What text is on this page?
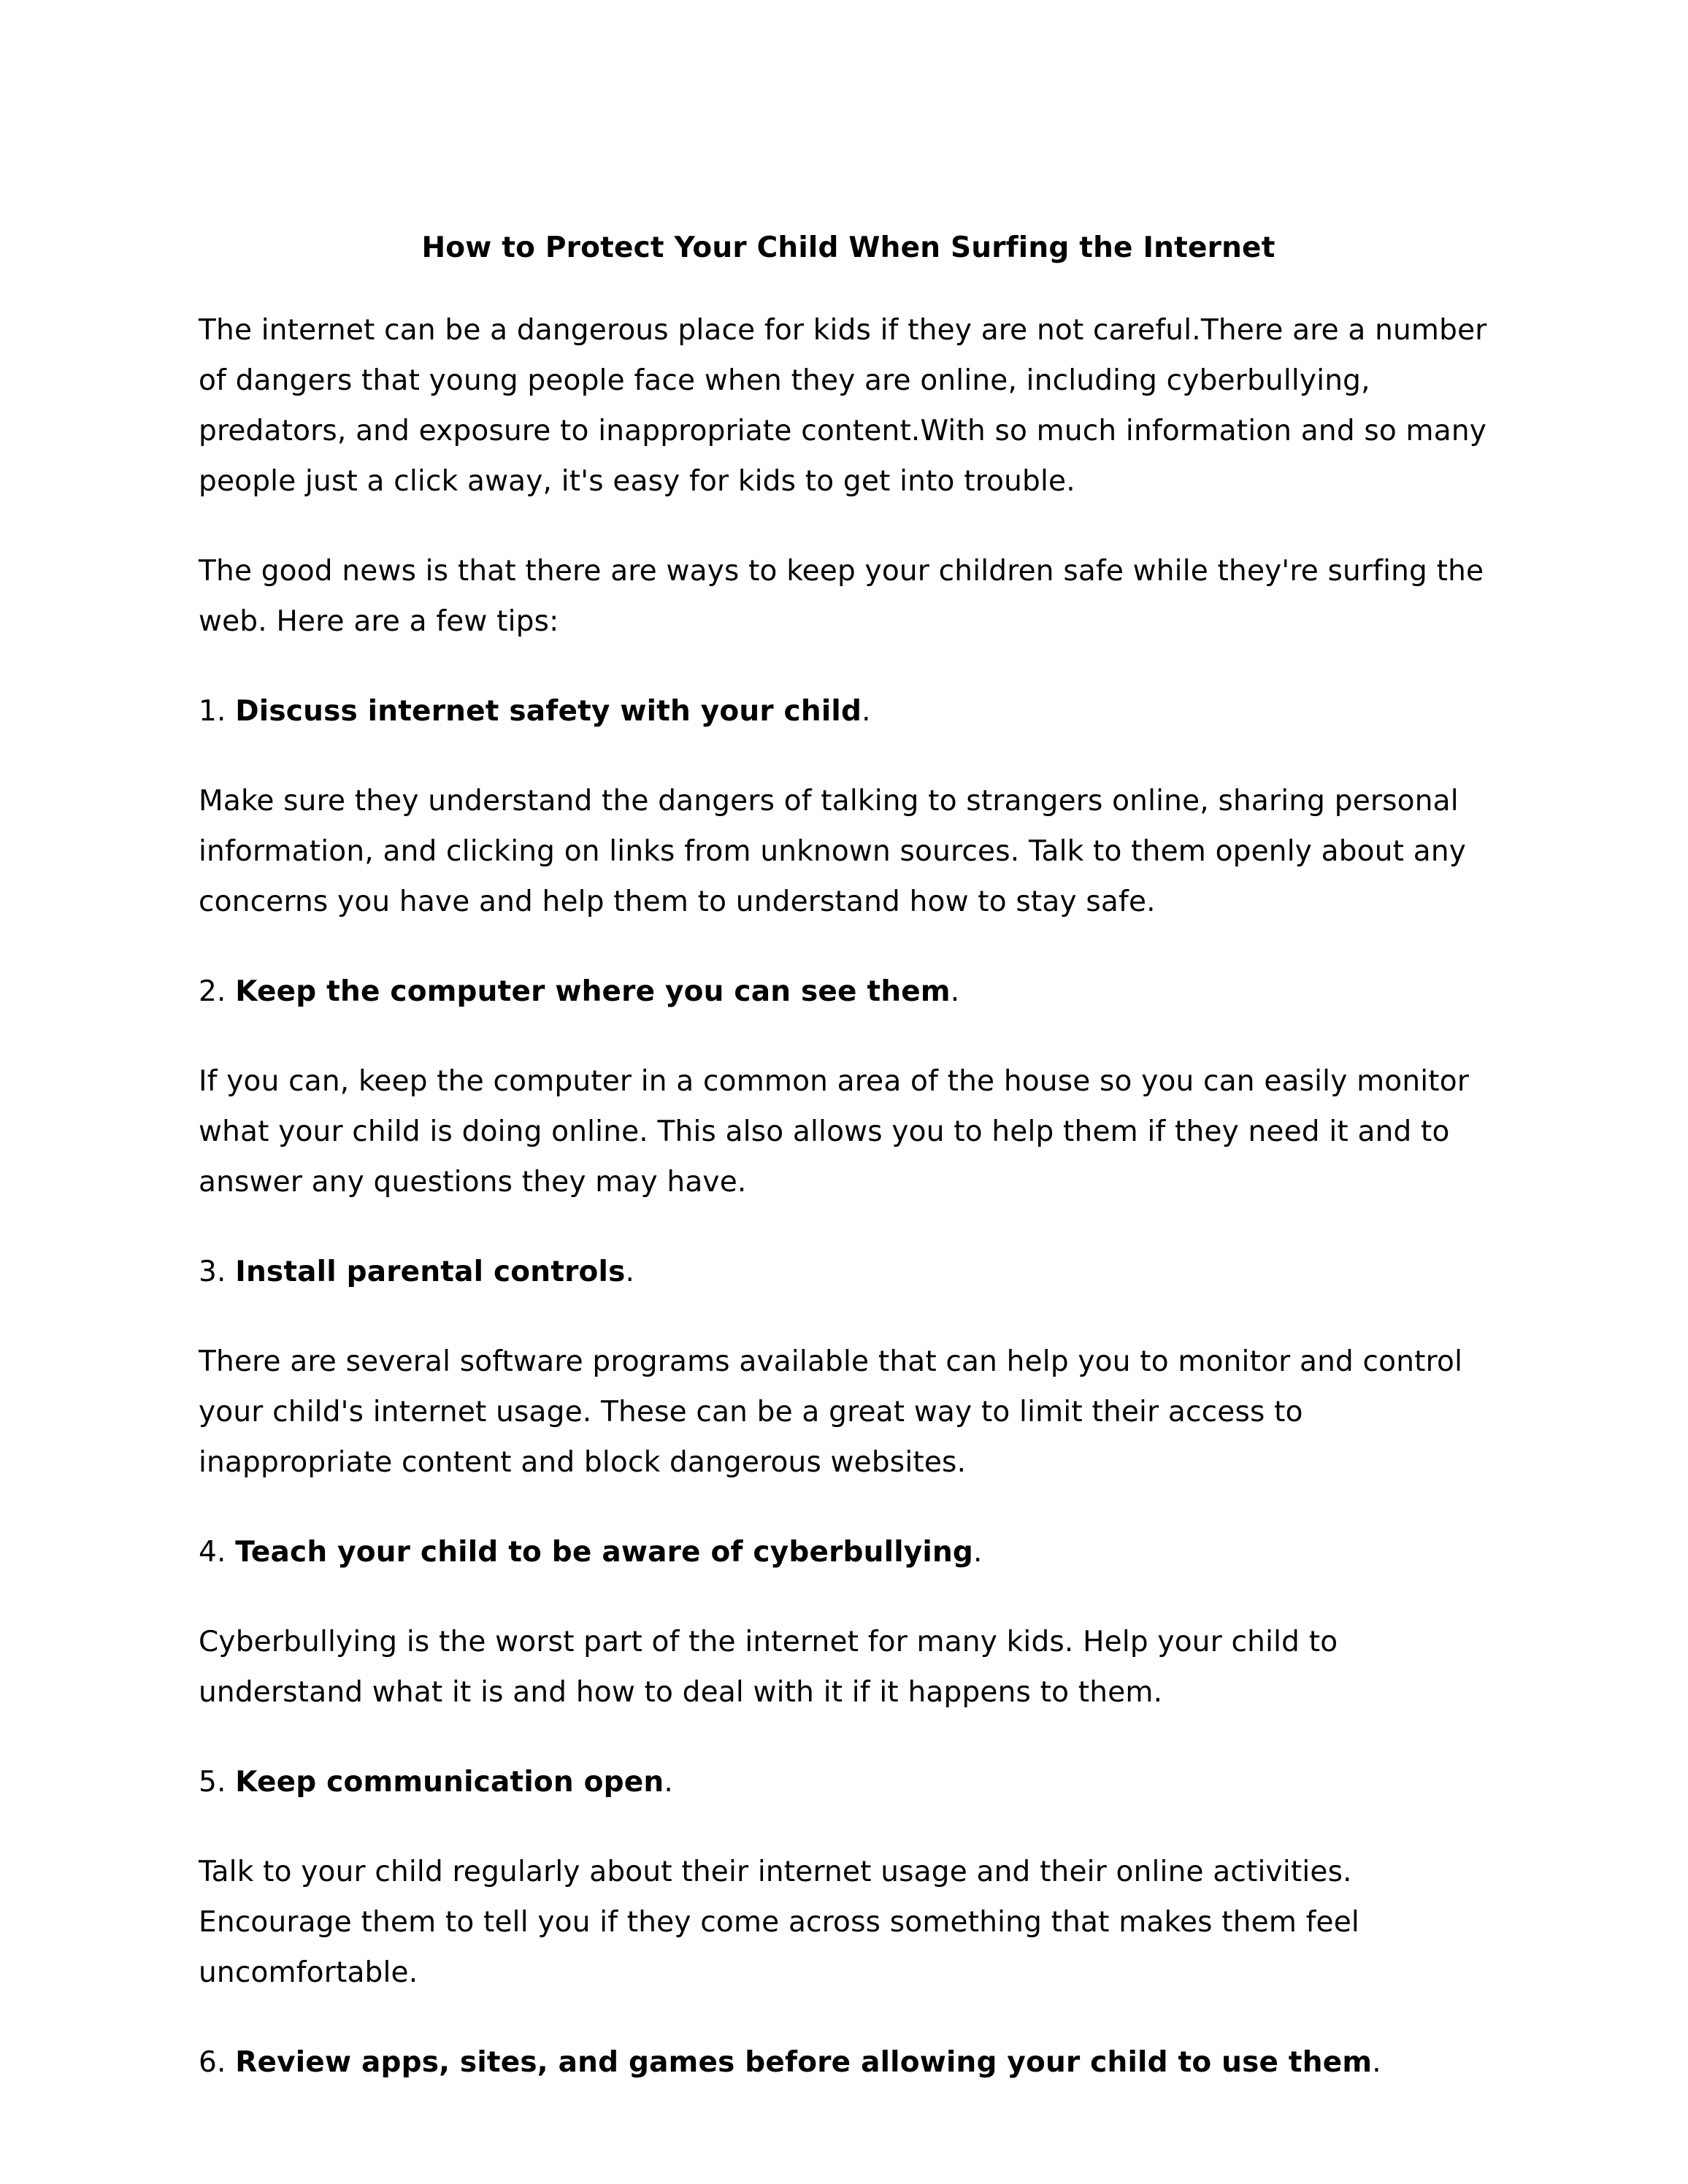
How to Protect Your Child When Surfing the Internet

The internet can be a dangerous place for kids if they are not careful.There are a number of dangers that young people face when they are online, including cyberbullying, predators, and exposure to inappropriate content.With so much information and so many people just a click away, it's easy for kids to get into trouble.

The good news is that there are ways to keep your children safe while they're surfing the web. Here are a few tips:

1. Discuss internet safety with your child.

Make sure they understand the dangers of talking to strangers online, sharing personal information, and clicking on links from unknown sources. Talk to them openly about any concerns you have and help them to understand how to stay safe.

2. Keep the computer where you can see them.

If you can, keep the computer in a common area of the house so you can easily monitor what your child is doing online. This also allows you to help them if they need it and to answer any questions they may have.

3. Install parental controls.

There are several software programs available that can help you to monitor and control your child's internet usage. These can be a great way to limit their access to inappropriate content and block dangerous websites.

4. Teach your child to be aware of cyberbullying.

Cyberbullying is the worst part of the internet for many kids. Help your child to understand what it is and how to deal with it if it happens to them.

5. Keep communication open.

Talk to your child regularly about their internet usage and their online activities. Encourage them to tell you if they come across something that makes them feel uncomfortable.

6. Review apps, sites, and games before allowing your child to use them.
